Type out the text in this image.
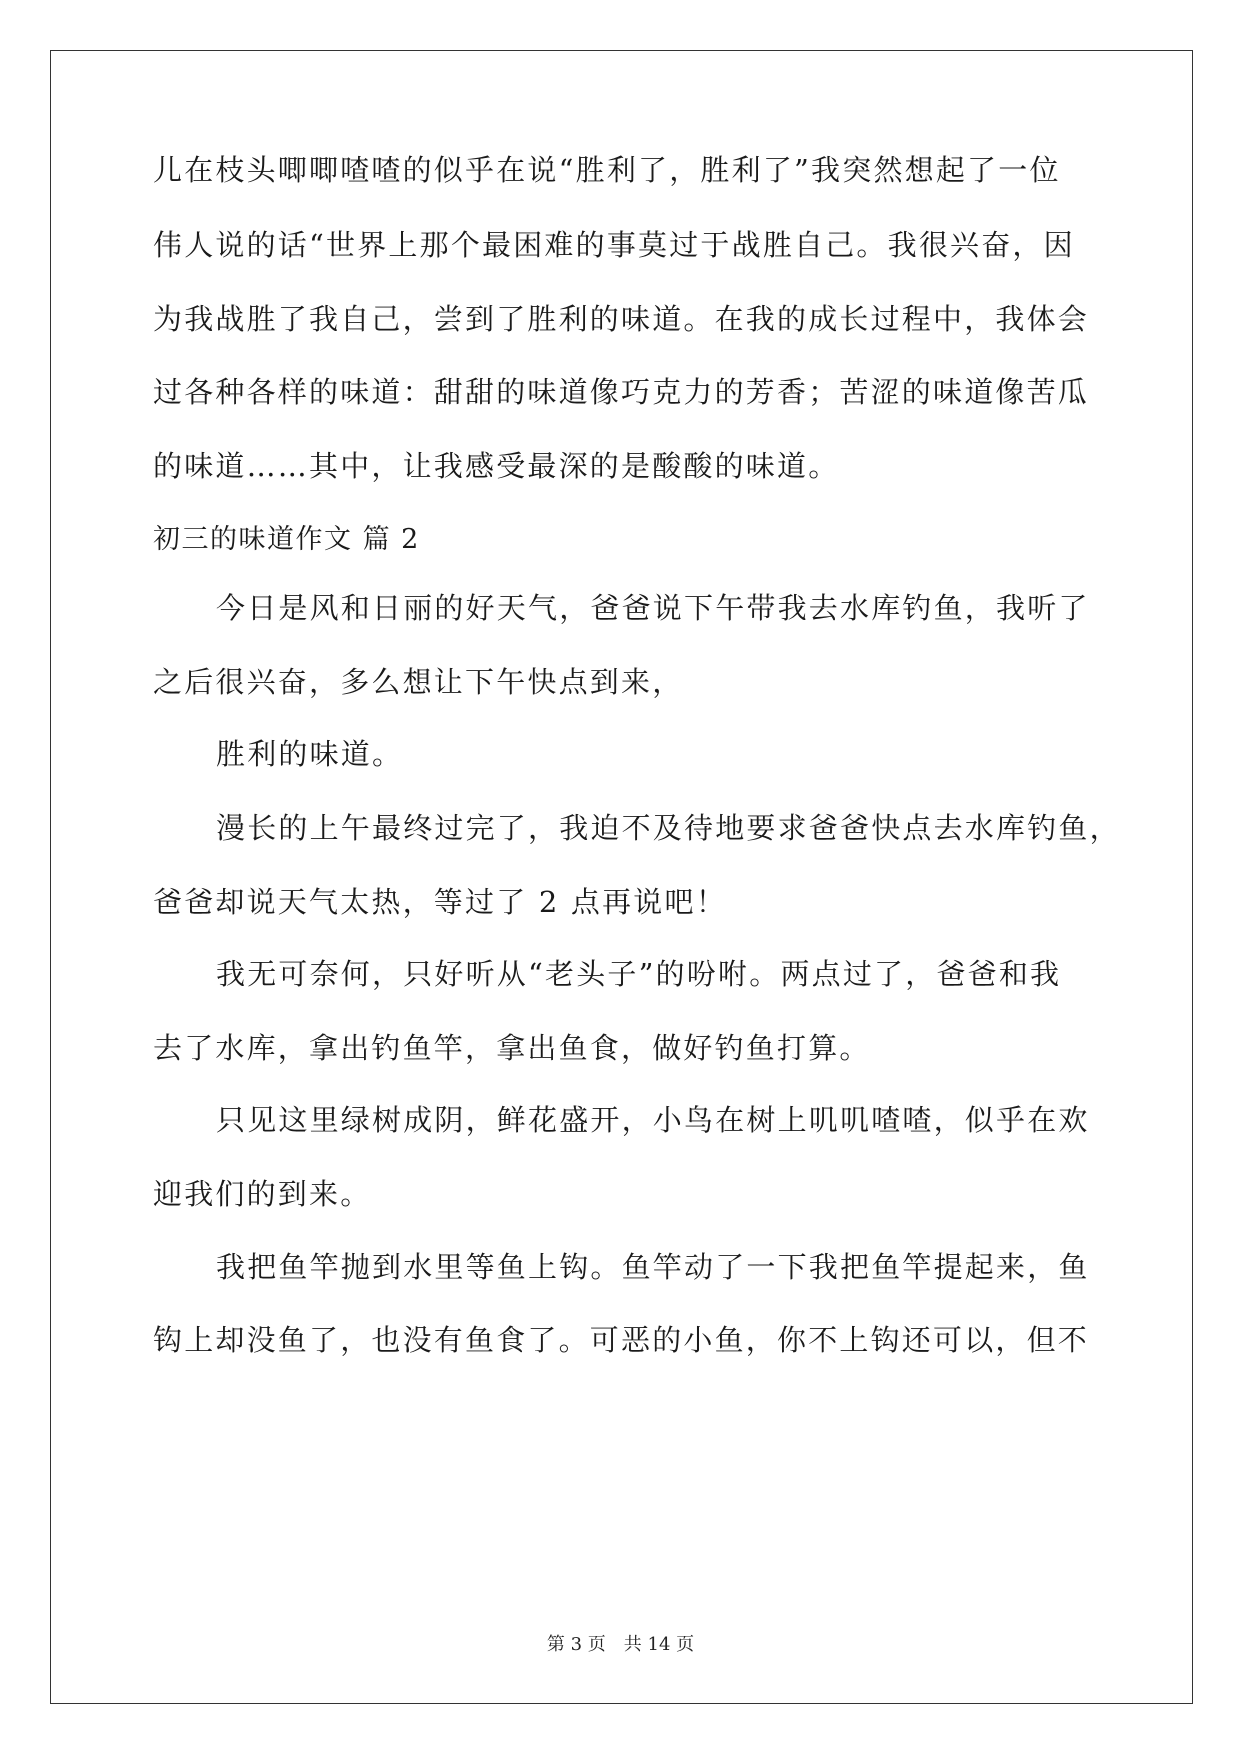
儿在枝头唧唧喳喳的似乎在说“胜利了，胜利了”我突然想起了一位
伟人说的话“世界上那个最困难的事莫过于战胜自己。我很兴奋，因
为我战胜了我自己，尝到了胜利的味道。在我的成长过程中，我体会
过各种各样的味道：甜甜的味道像巧克力的芳香；苦涩的味道像苦瓜
的味道……其中，让我感受最深的是酸酸的味道。
初三的味道作文 篇 2
今日是风和日丽的好天气，爸爸说下午带我去水库钓鱼，我听了
之后很兴奋，多么想让下午快点到来，
胜利的味道。
漫长的上午最终过完了，我迫不及待地要求爸爸快点去水库钓鱼，
爸爸却说天气太热，等过了 2 点再说吧！
我无可奈何，只好听从“老头子”的吩咐。两点过了，爸爸和我
去了水库，拿出钓鱼竿，拿出鱼食，做好钓鱼打算。
只见这里绿树成阴，鲜花盛开，小鸟在树上叽叽喳喳，似乎在欢
迎我们的到来。
我把鱼竿抛到水里等鱼上钩。鱼竿动了一下我把鱼竿提起来，鱼
钩上却没鱼了，也没有鱼食了。可恶的小鱼，你不上钩还可以，但不
第 3 页 共 14 页
